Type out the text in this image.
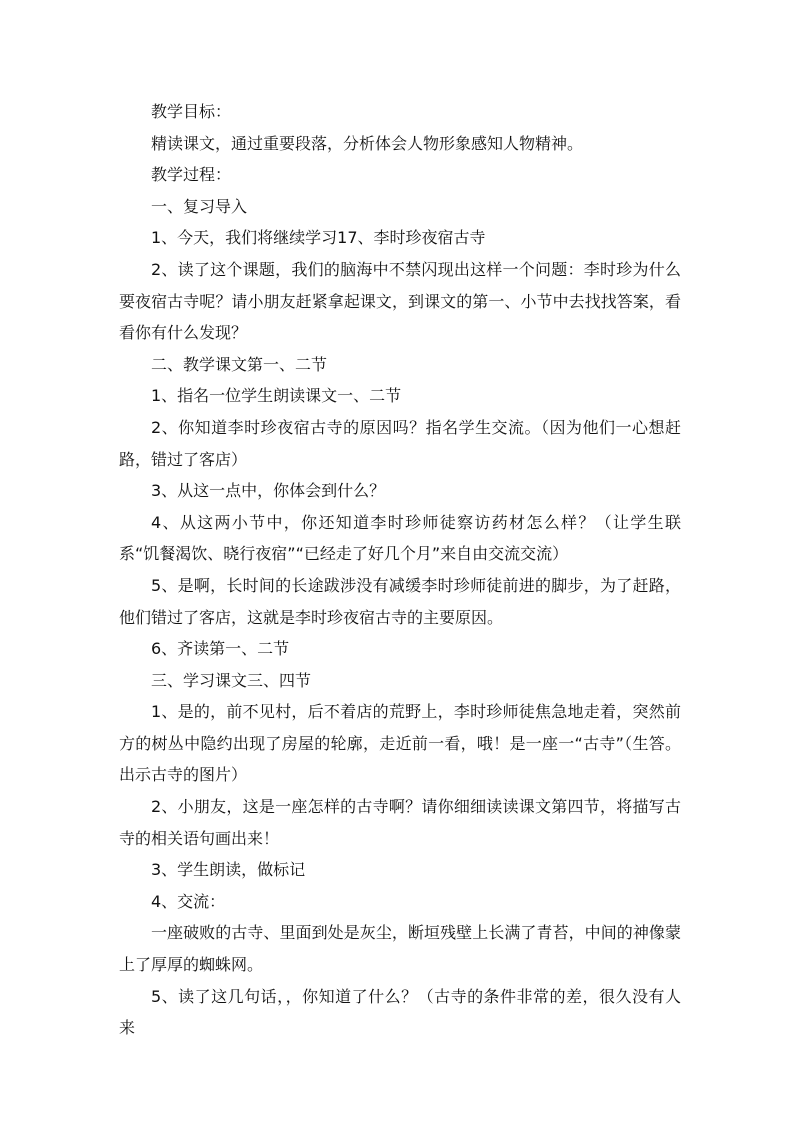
教学目标：

精读课文，通过重要段落，分析体会人物形象感知人物精神。

教学过程：

一、复习导入

1、今天，我们将继续学习17、李时珍夜宿古寺

2、读了这个课题，我们的脑海中不禁闪现出这样一个问题：李时珍为什么要夜宿古寺呢？请小朋友赶紧拿起课文，到课文的第一、小节中去找找答案，看看你有什么发现？

二、教学课文第一、二节

1、指名一位学生朗读课文一、二节

2、你知道李时珍夜宿古寺的原因吗？指名学生交流。（因为他们一心想赶路，错过了客店）

3、从这一点中，你体会到什么？

4、从这两小节中，你还知道李时珍师徒察访药材怎么样？（让学生联系“饥餐渴饮、晓行夜宿”“已经走了好几个月”来自由交流交流）

5、是啊，长时间的长途跋涉没有减缓李时珍师徒前进的脚步，为了赶路，他们错过了客店，这就是李时珍夜宿古寺的主要原因。

6、齐读第一、二节

三、学习课文三、四节

1、是的，前不见村，后不着店的荒野上，李时珍师徒焦急地走着，突然前方的树丛中隐约出现了房屋的轮廓，走近前一看，哦！是一座一“古寺”（生答。出示古寺的图片）

2、小朋友，这是一座怎样的古寺啊？请你细细读读课文第四节，将描写古寺的相关语句画出来！

3、学生朗读，做标记

4、交流：

一座破败的古寺、里面到处是灰尘，断垣残壁上长满了青苔，中间的神像蒙上了厚厚的蜘蛛网。

5、读了这几句话，，你知道了什么？（古寺的条件非常的差，很久没有人来
